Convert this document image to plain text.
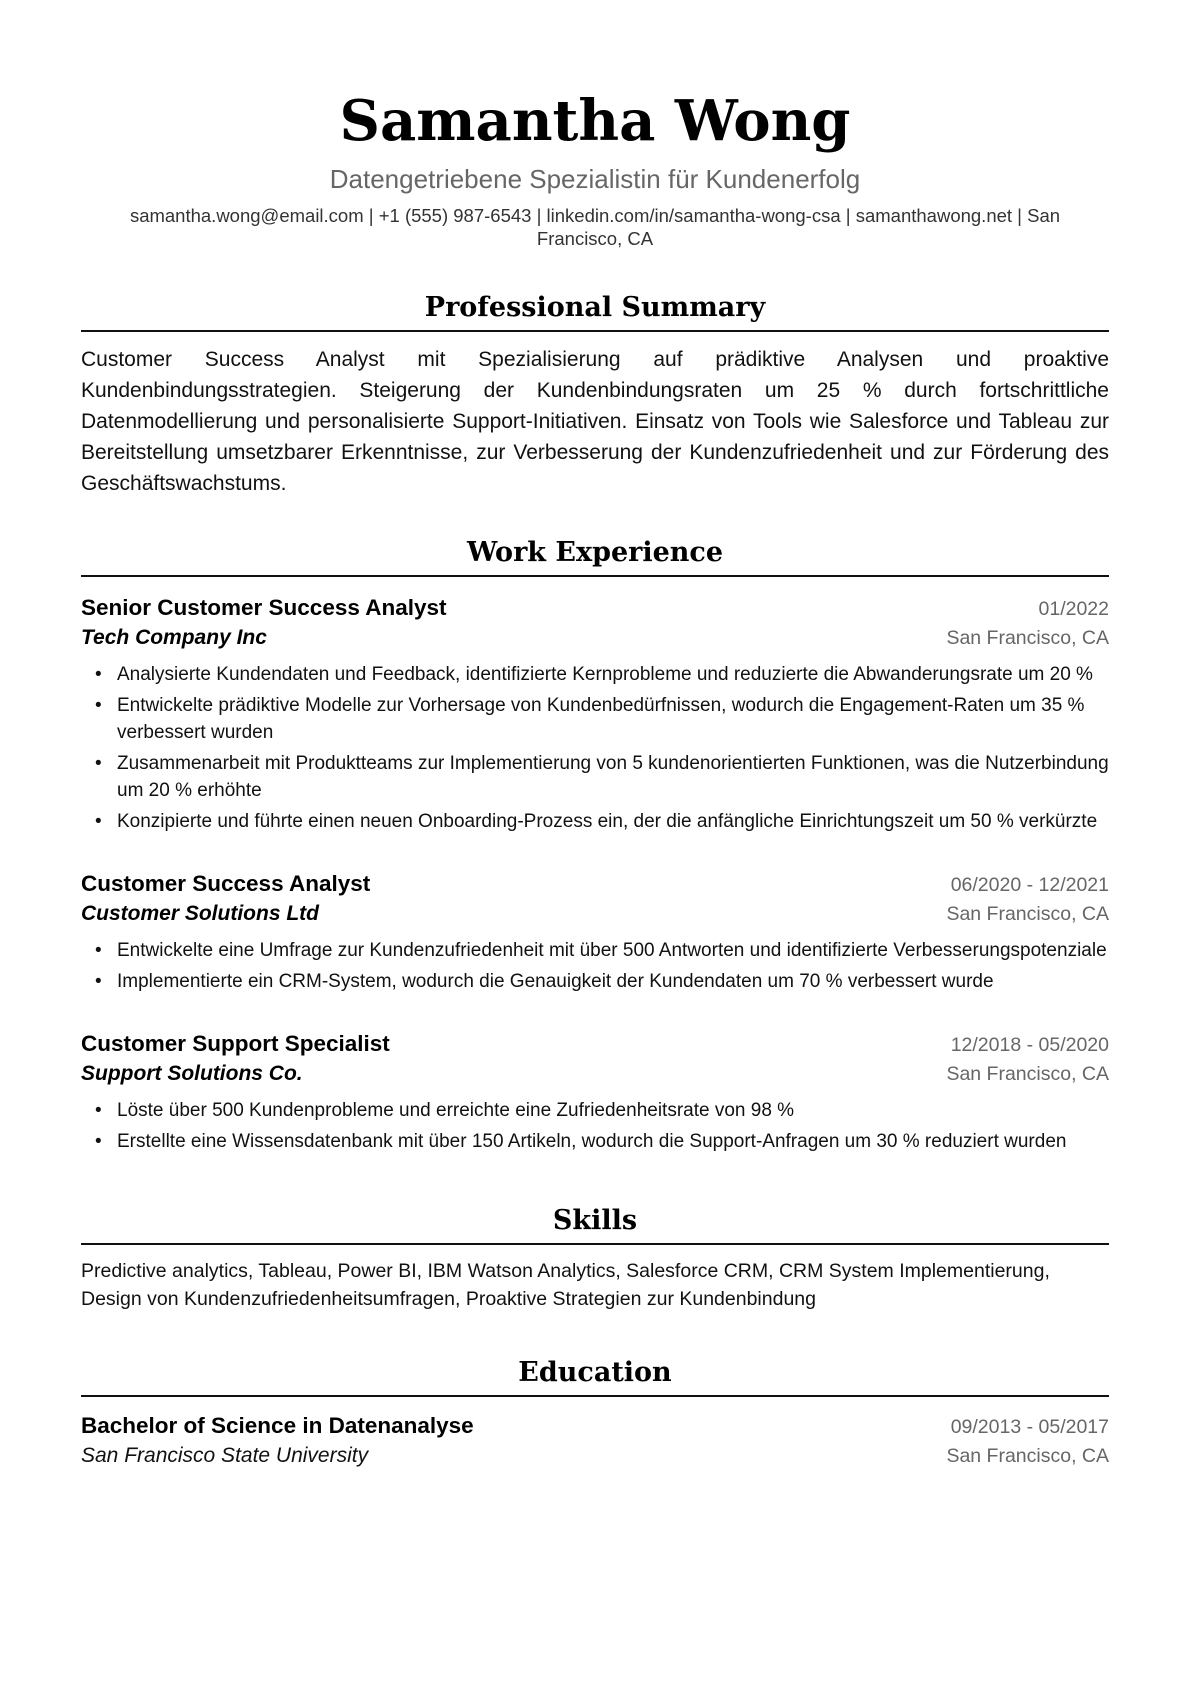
Samantha Wong
Datengetriebene Spezialistin für Kundenerfolg
samantha.wong@email.com | +1 (555) 987-6543 | linkedin.com/in/samantha-wong-csa | samanthawong.net | San Francisco, CA
Professional Summary
Customer Success Analyst mit Spezialisierung auf prädiktive Analysen und proaktive Kundenbindungsstrategien. Steigerung der Kundenbindungsraten um 25 % durch fortschrittliche Datenmodellierung und personalisierte Support-Initiativen. Einsatz von Tools wie Salesforce und Tableau zur Bereitstellung umsetzbarer Erkenntnisse, zur Verbesserung der Kundenzufriedenheit und zur Förderung des Geschäftswachstums.
Work Experience
Senior Customer Success Analyst	01/2022
Tech Company Inc	San Francisco, CA
• Analysierte Kundendaten und Feedback, identifizierte Kernprobleme und reduzierte die Abwanderungsrate um 20 %
• Entwickelte prädiktive Modelle zur Vorhersage von Kundenbedürfnissen, wodurch die Engagement-Raten um 35 % verbessert wurden
• Zusammenarbeit mit Produktteams zur Implementierung von 5 kundenorientierten Funktionen, was die Nutzerbindung um 20 % erhöhte
• Konzipierte und führte einen neuen Onboarding-Prozess ein, der die anfängliche Einrichtungszeit um 50 % verkürzte
Customer Success Analyst	06/2020 - 12/2021
Customer Solutions Ltd	San Francisco, CA
• Entwickelte eine Umfrage zur Kundenzufriedenheit mit über 500 Antworten und identifizierte Verbesserungspotenziale
• Implementierte ein CRM-System, wodurch die Genauigkeit der Kundendaten um 70 % verbessert wurde
Customer Support Specialist	12/2018 - 05/2020
Support Solutions Co.	San Francisco, CA
• Löste über 500 Kundenprobleme und erreichte eine Zufriedenheitsrate von 98 %
• Erstellte eine Wissensdatenbank mit über 150 Artikeln, wodurch die Support-Anfragen um 30 % reduziert wurden
Skills
Predictive analytics, Tableau, Power BI, IBM Watson Analytics, Salesforce CRM, CRM System Implementierung, Design von Kundenzufriedenheitsumfragen, Proaktive Strategien zur Kundenbindung
Education
Bachelor of Science in Datenanalyse	09/2013 - 05/2017
San Francisco State University	San Francisco, CA
